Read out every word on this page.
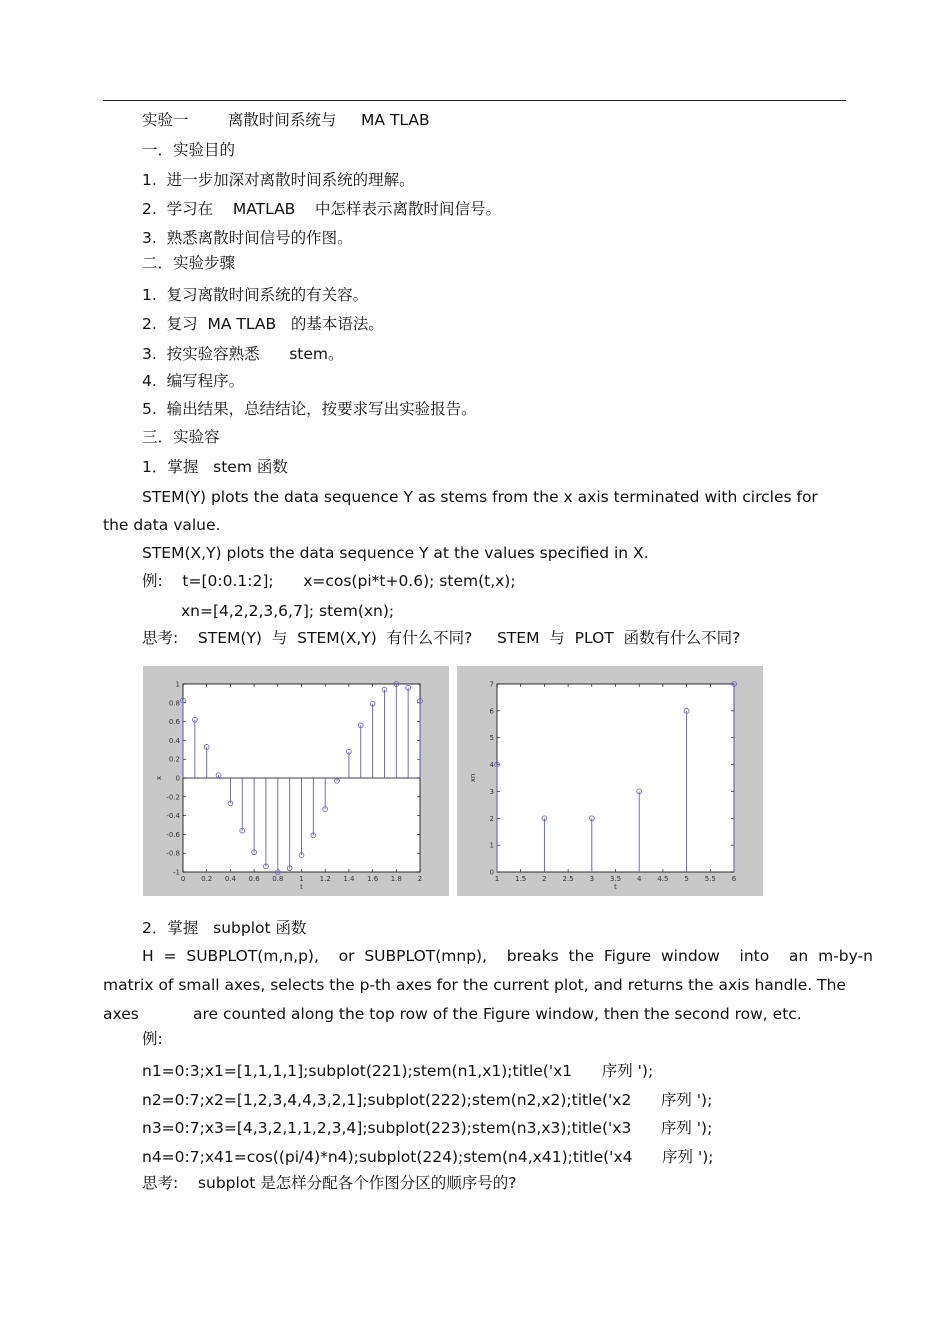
实验一        离散时间系统与     MA TLAB
一．实验目的
1.  进一步加深对离散时间系统的理解。
2.  学习在    MATLAB    中怎样表示离散时间信号。
3.  熟悉离散时间信号的作图。
二．实验步骤
1.  复习离散时间系统的有关容。
2.  复习  MA TLAB   的基本语法。
3.  按实验容熟悉      stem。
4.  编写程序。
5.  输出结果，总结结论，按要求写出实验报告。
三．实验容
1．掌握   stem 函数
STEM(Y) plots the data sequence Y as stems from the x axis terminated with circles for
the data value.
STEM(X,Y) plots the data sequence Y at the values specified in X.
例:    t=[0:0.1:2];      x=cos(pi*t+0.6); stem(t,x);
xn=[4,2,2,3,6,7]; stem(xn);
思考:    STEM(Y)  与  STEM(X,Y)  有什么不同?     STEM  与  PLOT  函数有什么不同?
0 0.2 0.4 0.6 0.8 1 1.2 1.4 1.6 1.8 2
-1
-0.8
-0.6
-0.4
-0.2
0
0.2
0.4
0.6
0.8
1
t
x
1 1.5 2 2.5 3 3.5 4 4.5 5 5.5 6
0
1
2
3
4
5
6
7
t
xn
2．掌握   subplot 函数
H  =  SUBPLOT(m,n,p),    or  SUBPLOT(mnp),    breaks  the  Figure  window    into    an  m-by-n
matrix of small axes, selects the p-th axes for the current plot, and returns the axis handle. The
axes           are counted along the top row of the Figure window, then the second row, etc.
例:
n1=0:3;x1=[1,1,1,1];subplot(221);stem(n1,x1);title('x1      序列 ');
n2=0:7;x2=[1,2,3,4,4,3,2,1];subplot(222);stem(n2,x2);title('x2      序列 ');
n3=0:7;x3=[4,3,2,1,1,2,3,4];subplot(223);stem(n3,x3);title('x3      序列 ');
n4=0:7;x41=cos((pi/4)*n4);subplot(224);stem(n4,x41);title('x4      序列 ');
思考:    subplot 是怎样分配各个作图分区的顺序号的?
